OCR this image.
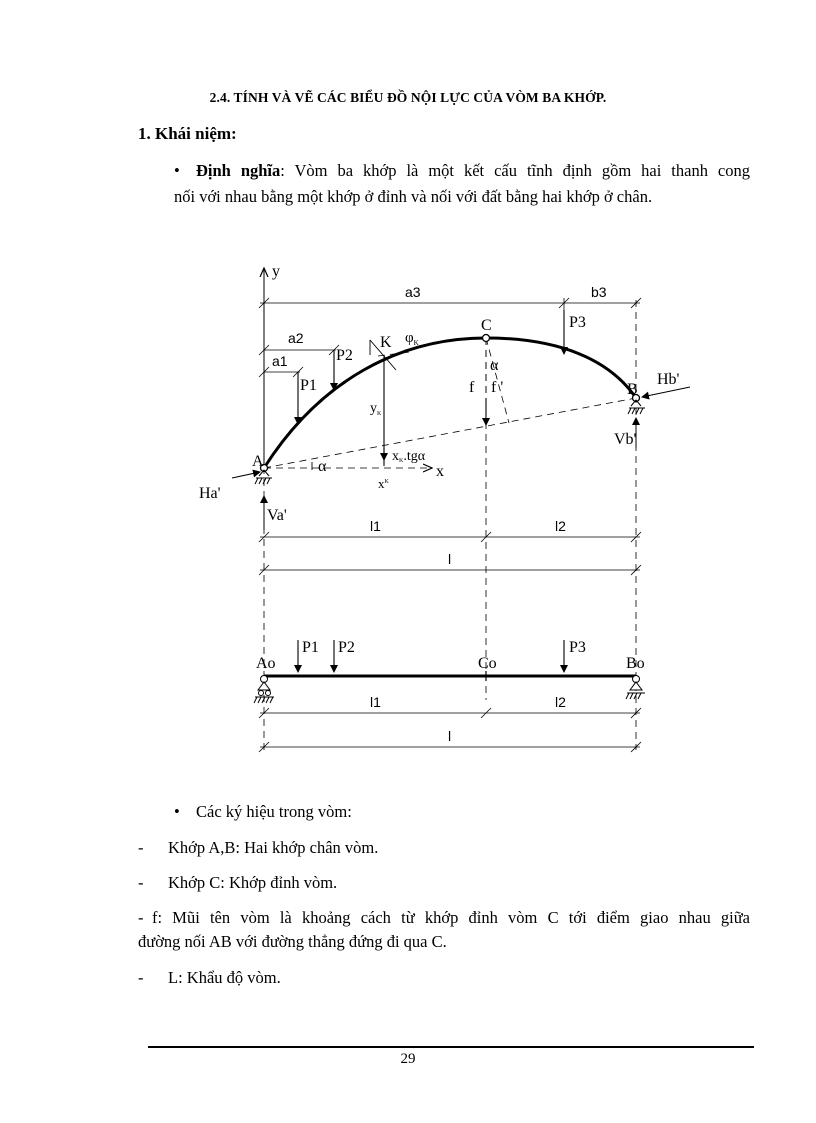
2.4. TÍNH VÀ VẼ CÁC BIỂU ĐỒ NỘI LỰC CỦA VÒM BA KHỚP.
1. Khái niệm:
• Định nghĩa: Vòm ba khớp là một kết cấu tĩnh định gồm hai thanh cong
nối với nhau bằng một khớp ở đỉnh và nối với đất bằng hai khớp ở chân.
y
x
a3	b3
a2
a1
P1
P2
P3
K $\varphi_K$
C
α
f f '
$y_K$
xK.tgα
α
$x^K$
A
Ha'
Va'
B
Hb'
Vb'
l1	l2
l
P1 P2	P3
Ao	Co	Bo
l1	l2
l
• Các ký hiệu trong vòm:
- Khớp A,B: Hai khớp chân vòm.
- Khớp C: Khớp đỉnh vòm.
- f: Mũi tên vòm là khoảng cách từ khớp đỉnh vòm C tới điểm giao nhau giữa
đường nối AB với đường thẳng đứng đi qua C.
- L: Khẩu độ vòm.
29
